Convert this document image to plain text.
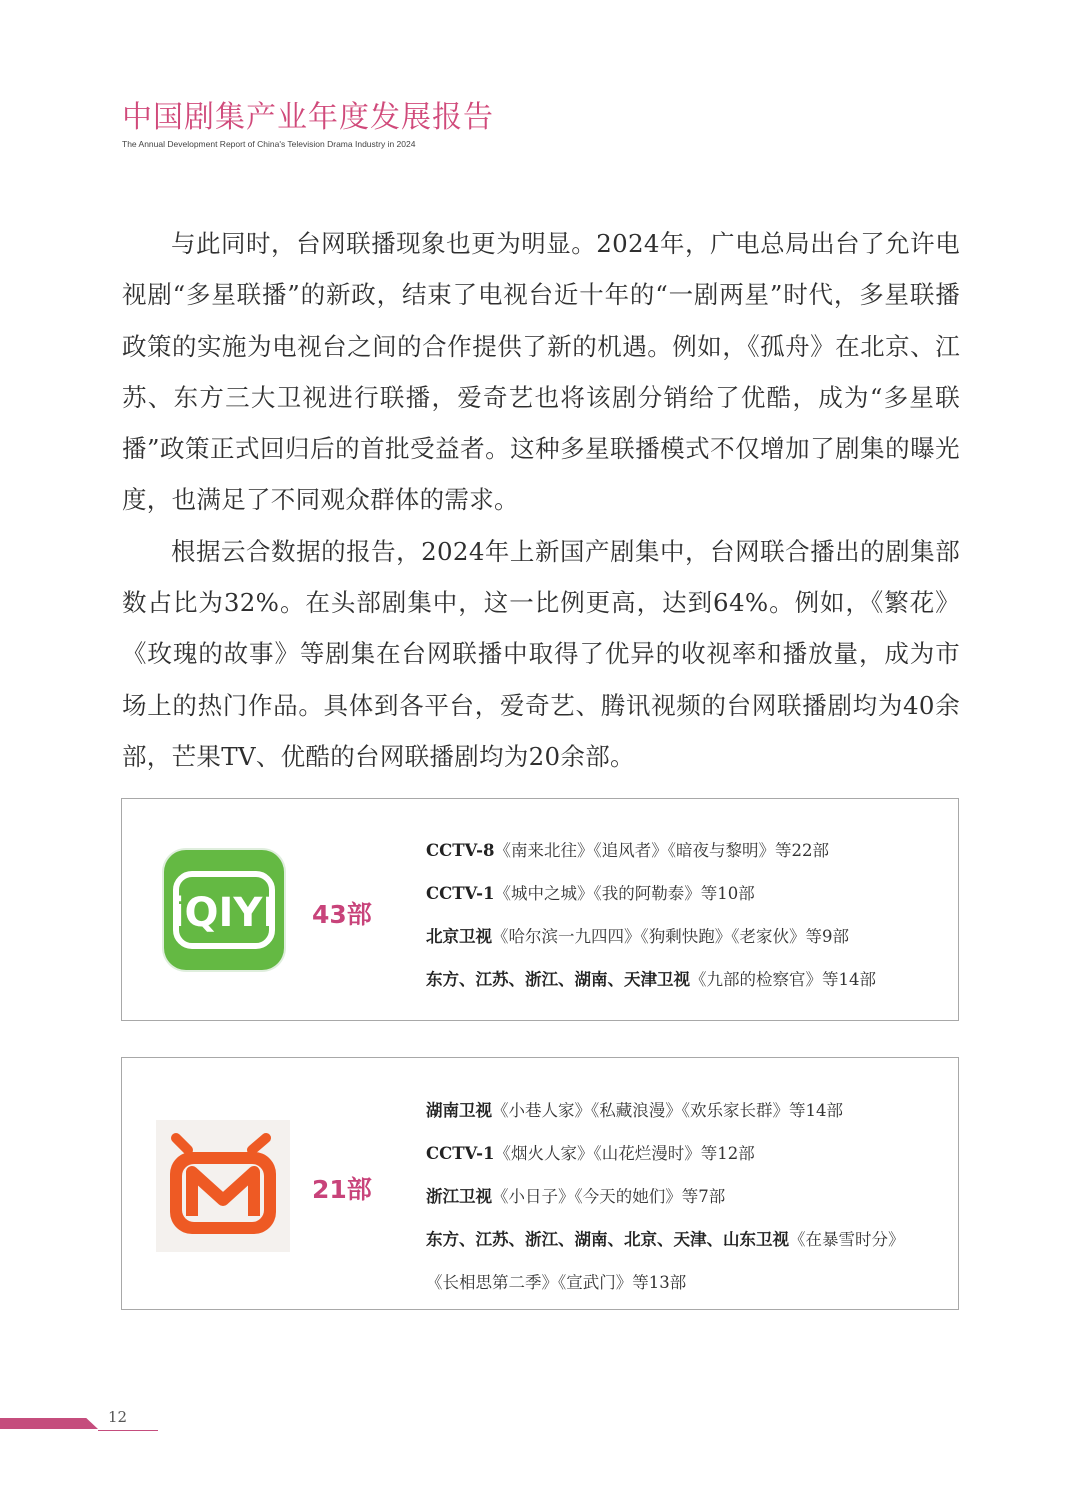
中国剧集产业年度发展报告
The Annual Development Report of China's Television Drama Industry in 2024

与此同时，台网联播现象也更为明显。2024年，广电总局出台了允许电视剧“多星联播”的新政，结束了电视台近十年的“一剧两星”时代，多星联播政策的实施为电视台之间的合作提供了新的机遇。例如，《孤舟》在北京、江苏、东方三大卫视进行联播，爱奇艺也将该剧分销给了优酷，成为“多星联播”政策正式回归后的首批受益者。这种多星联播模式不仅增加了剧集的曝光度，也满足了不同观众群体的需求。

根据云合数据的报告，2024年上新国产剧集中，台网联合播出的剧集部数占比为32%。在头部剧集中，这一比例更高，达到64%。例如，《繁花》《玫瑰的故事》等剧集在台网联播中取得了优异的收视率和播放量，成为市场上的热门作品。具体到各平台，爱奇艺、腾讯视频的台网联播剧均为40余部，芒果TV、优酷的台网联播剧均为20余部。

iQIYI 43部
CCTV-8《南来北往》《追风者》《暗夜与黎明》等22部
CCTV-1《城中之城》《我的阿勒泰》等10部
北京卫视《哈尔滨一九四四》《狗剩快跑》《老家伙》等9部
东方、江苏、浙江、湖南、天津卫视《九部的检察官》等14部
21部
湖南卫视《小巷人家》《私藏浪漫》《欢乐家长群》等14部
CCTV-1《烟火人家》《山花烂漫时》等12部
浙江卫视《小日子》《今天的她们》等7部
东方、江苏、浙江、湖南、北京、天津、山东卫视《在暴雪时分》
《长相思第二季》《宣武门》等13部
12
